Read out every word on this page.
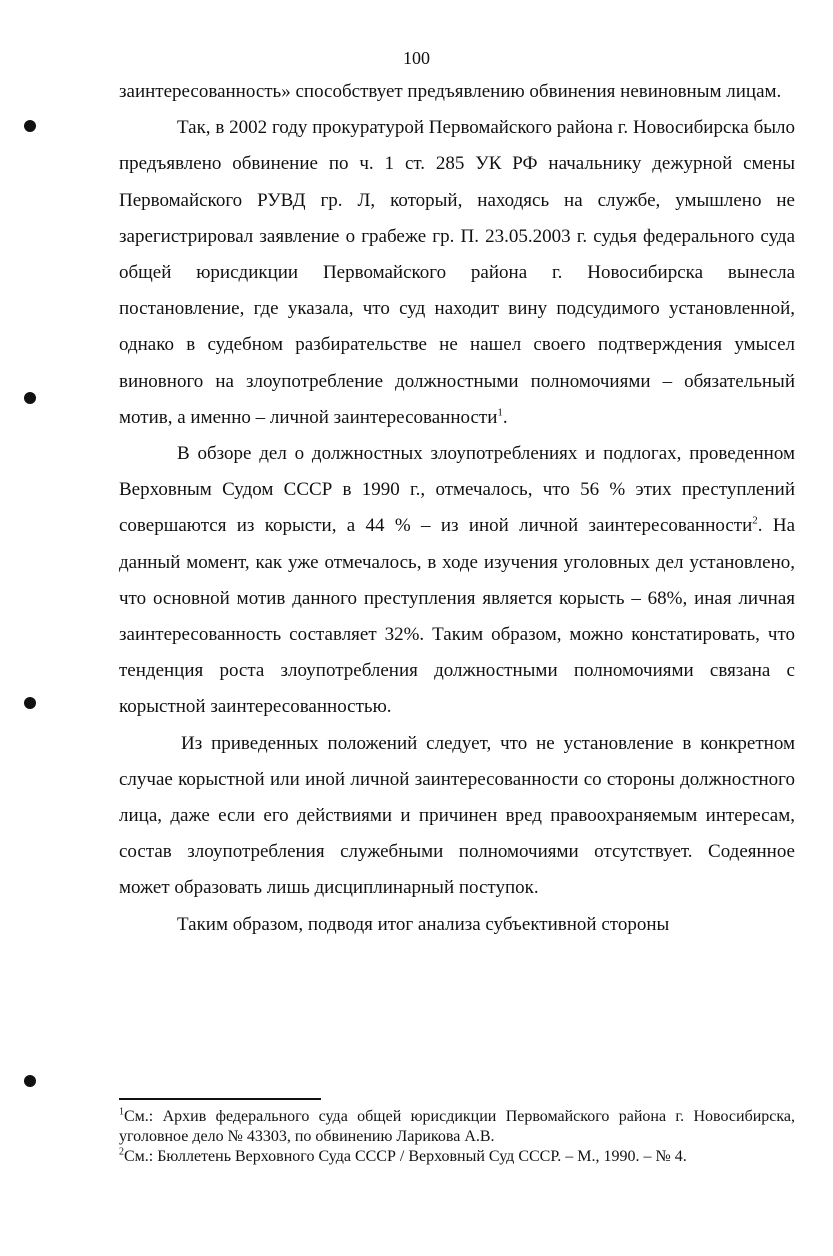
100

заинтересованность» способствует предъявлению обвинения невиновным лицам.

Так, в 2002 году прокуратурой Первомайского района г. Новосибирска было предъявлено обвинение по ч. 1 ст. 285 УК РФ начальнику дежурной смены Первомайского РУВД гр. Л, который, находясь на службе, умышлено не зарегистрировал заявление о грабеже гр. П. 23.05.2003 г. судья федерального суда общей юрисдикции Первомайского района г. Новосибирска вынесла постановление, где указала, что суд находит вину подсудимого установленной, однако в судебном разбирательстве не нашел своего подтверждения умысел виновного на злоупотребление должностными полномочиями – обязательный мотив, а именно – личной заинтересованности$^1$.

В обзоре дел о должностных злоупотреблениях и подлогах, проведенном Верховным Судом СССР в 1990 г., отмечалось, что 56 % этих преступлений совершаются из корысти, а 44 % – из иной личной заинтересованности$^2$. На данный момент, как уже отмечалось, в ходе изучения уголовных дел установлено, что основной мотив данного преступления является корысть – 68%, иная личная заинтересованность составляет 32%. Таким образом, можно констатировать, что тенденция роста злоупотребления должностными полномочиями связана с корыстной заинтересованностью.

Из приведенных положений следует, что не установление в конкретном случае корыстной или иной личной заинтересованности со стороны должностного лица, даже если его действиями и причинен вред правоохраняемым интересам, состав злоупотребления служебными полномочиями отсутствует. Содеянное может образовать лишь дисциплинарный поступок.

Таким образом, подводя итог анализа субъективной стороны

$^1$См.: Архив федерального суда общей юрисдикции Первомайского района г. Новосибирска, уголовное дело № 43303, по обвинению Ларикова А.В.

$^2$См.: Бюллетень Верховного Суда СССР / Верховный Суд СССР. – М., 1990. – № 4.
